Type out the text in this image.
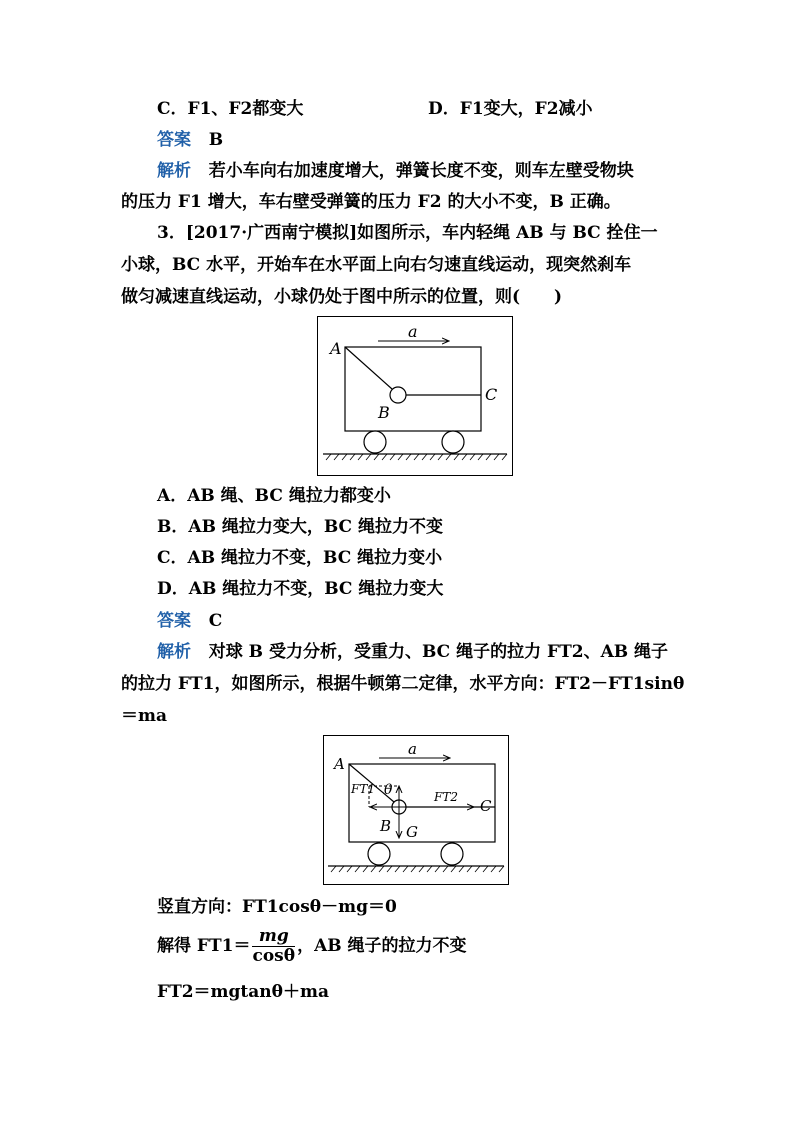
C．F1、F2都变大	D．F1变大，F2减小
答案 B
解析 若小车向右加速度增大，弹簧长度不变，则车左壁受物块
的压力 F1 增大，车右壁受弹簧的压力 F2 的大小不变，B 正确。
3．[2017·广西南宁模拟]如图所示，车内轻绳 AB 与 BC 拴住一
小球，BC 水平，开始车在水平面上向右匀速直线运动，现突然刹车
做匀减速直线运动，小球仍处于图中所示的位置，则(　　)
a
A
B
C
A．AB 绳、BC 绳拉力都变小
B．AB 绳拉力变大，BC 绳拉力不变
C．AB 绳拉力不变，BC 绳拉力变小
D．AB 绳拉力不变，BC 绳拉力变大
答案 C
解析 对球 B 受力分析，受重力、BC 绳子的拉力 FT2、AB 绳子
的拉力 FT1，如图所示，根据牛顿第二定律，水平方向：FT2－FT1sinθ
＝ma
a
A
FT1 θ	FT2
B G
C
竖直方向：FT1cosθ－mg＝0
解得 $FT1= \frac{mg}{\cos\theta}$ ，AB 绳子的拉力不变
FT2＝mgtanθ＋ma
